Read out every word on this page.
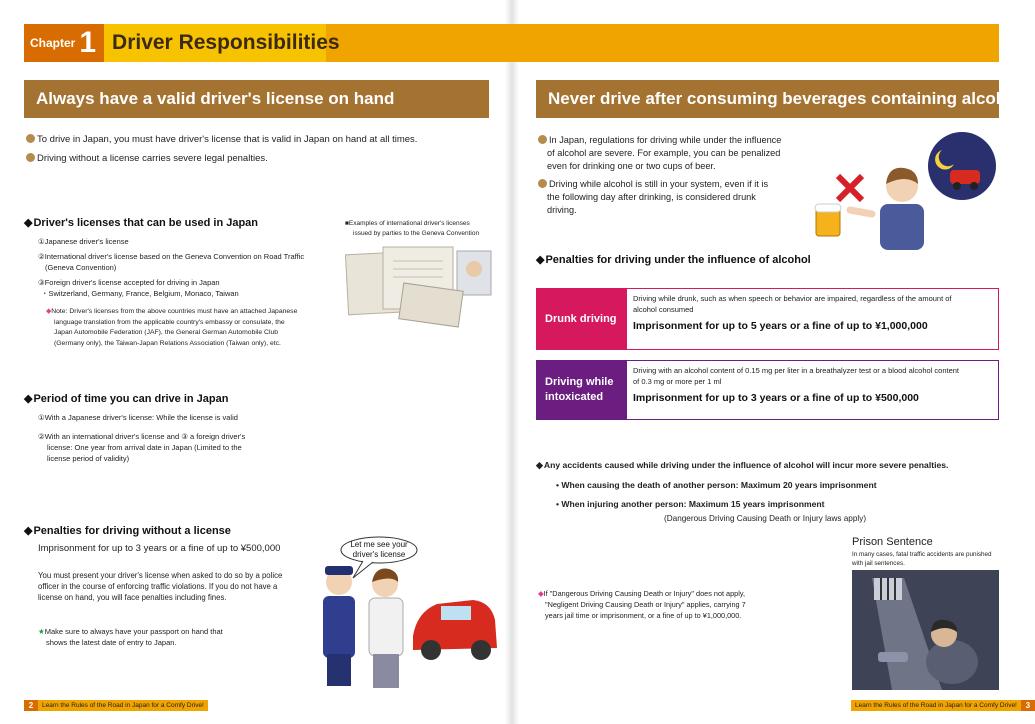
Chapter 1 Driver Responsibilities
Always have a valid driver's license on hand
To drive in Japan, you must have driver's license that is valid in Japan on hand at all times.
Driving without a license carries severe legal penalties.
◆Driver's licenses that can be used in Japan
①Japanese driver's license
②International driver's license based on the Geneva Convention on Road Traffic
(Geneva Convention)
③Foreign driver's license accepted for driving in Japan
・Switzerland, Germany, France, Belgium, Monaco, Taiwan
◆Note: Driver's licenses from the above countries must have an attached Japanese
language translation from the applicable country's embassy or consulate, the
Japan Automobile Federation (JAF), the General German Automobile Club
(Germany only), the Taiwan-Japan Relations Association (Taiwan only), etc.
■Examples of international driver's licenses
issued by parties to the Geneva Convention
◆Period of time you can drive in Japan
①With a Japanese driver's license: While the license is valid
②With an international driver's license and ③ a foreign driver's
license: One year from arrival date in Japan (Limited to the
license period of validity)
◆Penalties for driving without a license
Imprisonment for up to 3 years or a fine of up to ¥500,000
You must present your driver's license when asked to do so by a police
officer in the course of enforcing traffic violations. If you do not have a
license on hand, you will face penalties including fines.
★Make sure to always have your passport on hand that
shows the latest date of entry to Japan.
Let me see your
driver's license
2	Learn the Rules of the Road in Japan for a Comfy Drive!
Never drive after consuming beverages containing alcohol
In Japan, regulations for driving while under the influence
of alcohol are severe. For example, you can be penalized
even for drinking one or two cups of beer.
Driving while alcohol is still in your system, even if it is
the following day after drinking, is considered drunk
driving.
◆Penalties for driving under the influence of alcohol
Drunk driving
Driving while drunk, such as when speech or behavior are impaired, regardless of the amount of
alcohol consumed
Imprisonment for up to 5 years or a fine of up to ¥1,000,000
Driving while
intoxicated
Driving with an alcohol content of 0.15 mg per liter in a breathalyzer test or a blood alcohol content
of 0.3 mg or more per 1 ml
Imprisonment for up to 3 years or a fine of up to ¥500,000
◆Any accidents caused while driving under the influence of alcohol will incur more severe penalties.
• When causing the death of another person: Maximum 20 years imprisonment
• When injuring another person: Maximum 15 years imprisonment
(Dangerous Driving Causing Death or Injury laws apply)
◆If "Dangerous Driving Causing Death or Injury" does not apply,
"Negligent Driving Causing Death or Injury" applies, carrying 7
years jail time or imprisonment, or a fine of up to ¥1,000,000.
Prison Sentence
In many cases, fatal traffic accidents are punished
with jail sentences.
Learn the Rules of the Road in Japan for a Comfy Drive!	3
